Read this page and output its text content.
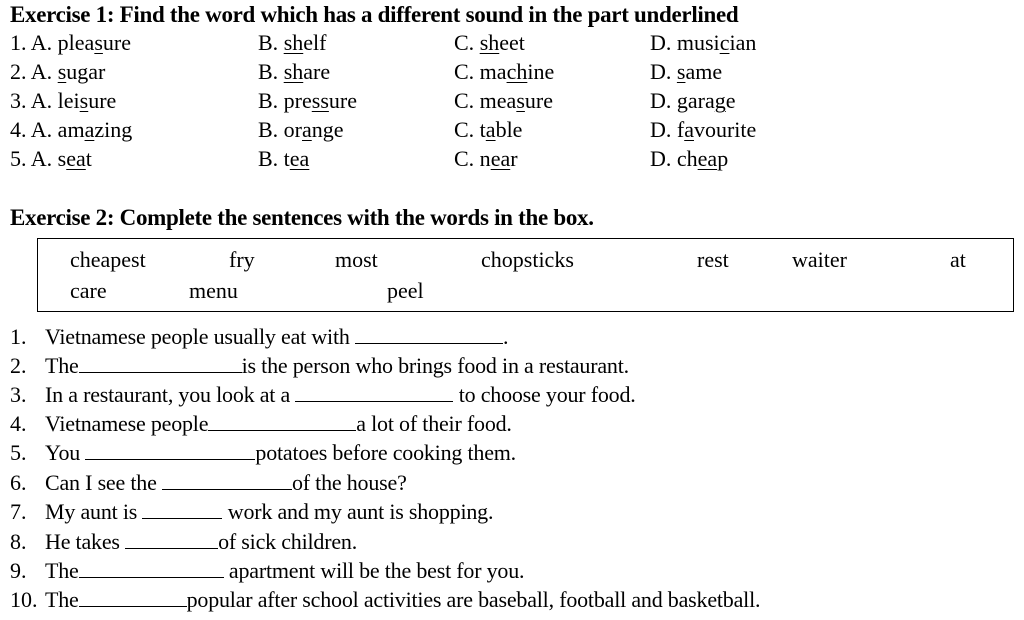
Exercise 1: Find the word which has a different sound in the part underlined
1. A. pleasure	B. shelf	C. sheet	D. musician
2. A. sugar	B. share	C. machine	D. same
3. A. leisure	B. pressure	C. measure	D. garage
4. A. amazing	B. orange	C. table	D. favourite
5. A. seat	B. tea	C. near	D. cheap
Exercise 2: Complete the sentences with the words in the box.
cheapest	fry	most	chopsticks	rest	waiter	at
care	menu	peel
1. Vietnamese people usually eat with	.
2. The	is the person who brings food in a restaurant.
3. In a restaurant, you look at a	to choose your food.
4. Vietnamese people	a lot of their food.
5. You	potatoes before cooking them.
6. Can I see the	of the house?
7. My aunt is	work and my aunt is shopping.
8. He takes	of sick children.
9. The	apartment will be the best for you.
10. The	popular after school activities are baseball, football and basketball.
